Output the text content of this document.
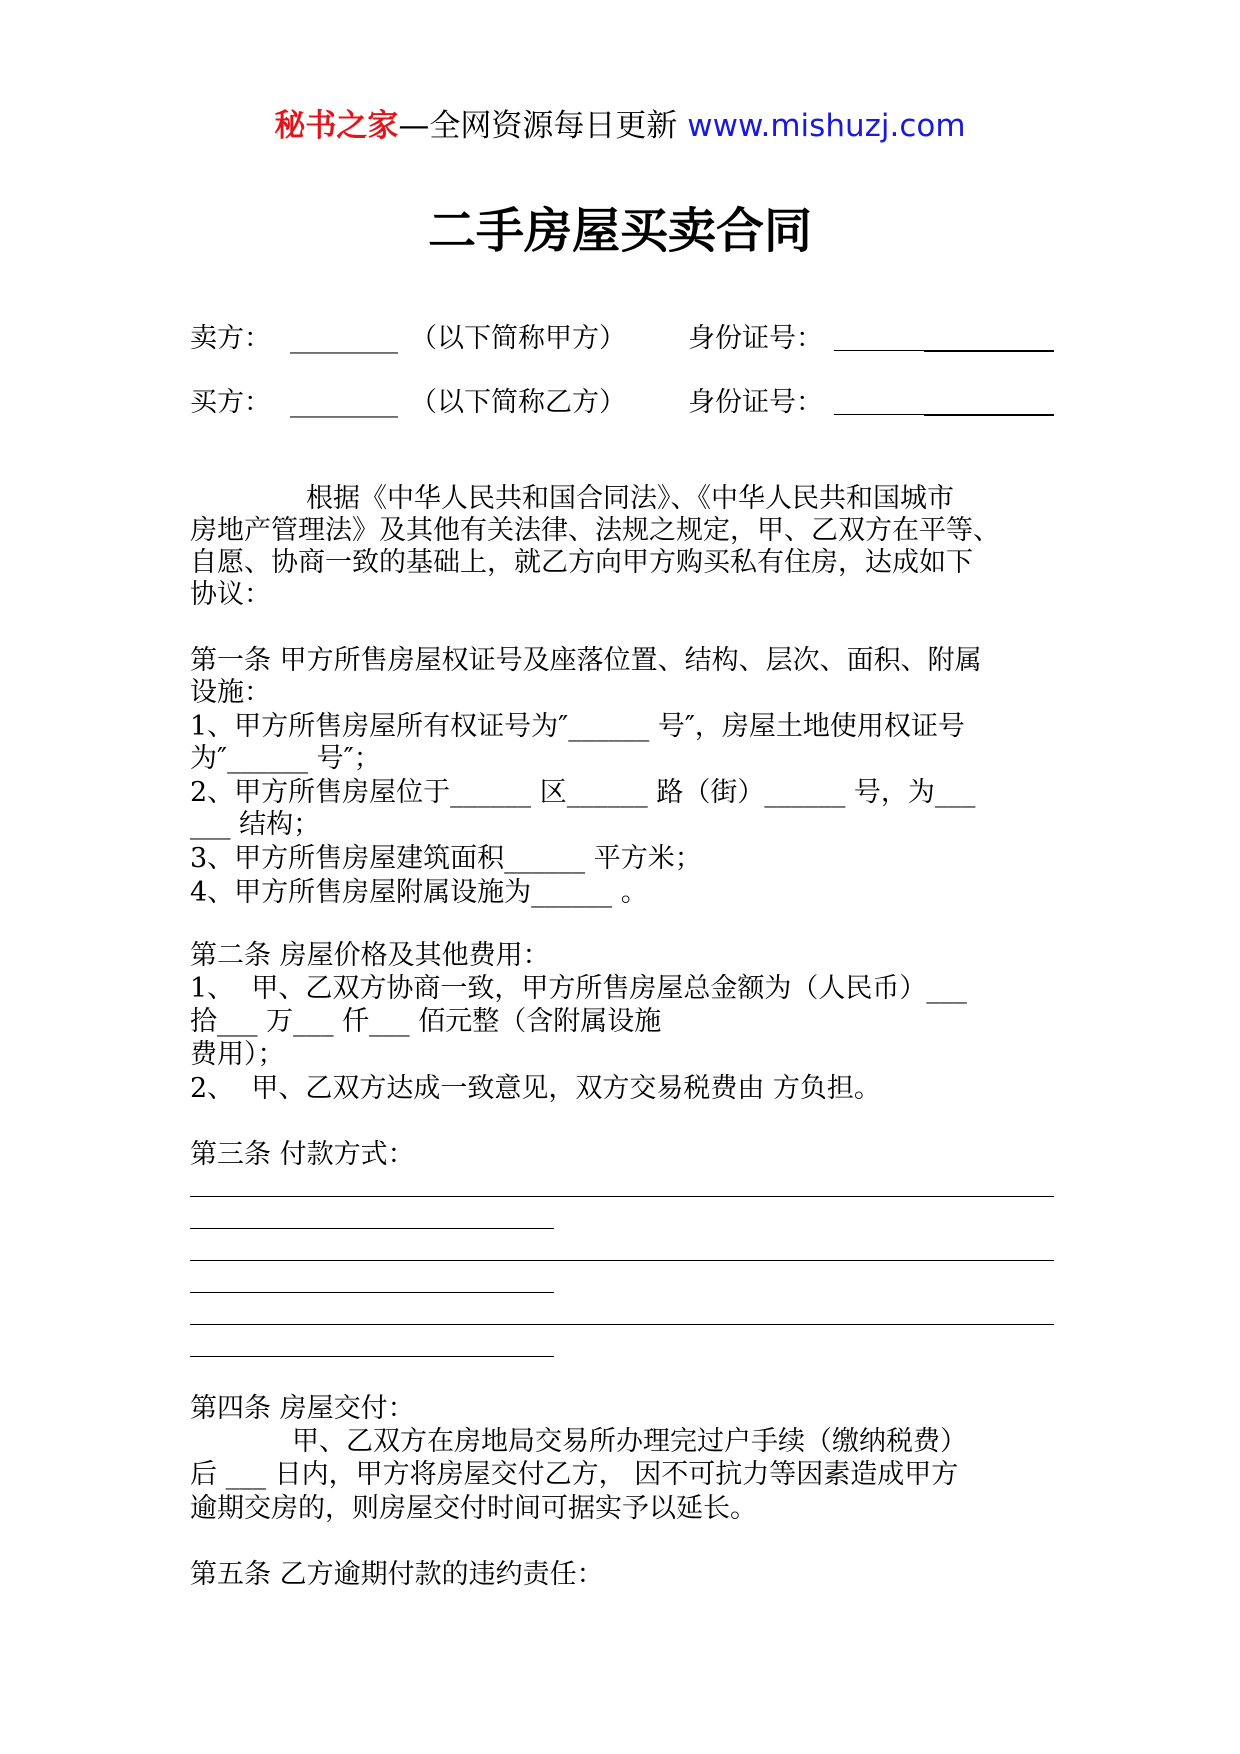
秘书之家—全网资源每日更新 www.mishuzj.com
二手房屋买卖合同
卖方： ________ （以下简称甲方） 身份证号：
买方： ________ （以下简称乙方） 身份证号：
根据《中华人民共和国合同法》、《中华人民共和国城市
房地产管理法》及其他有关法律、法规之规定，甲、乙双方在平等、
自愿、协商一致的基础上，就乙方向甲方购买私有住房，达成如下
协议：
第一条 甲方所售房屋权证号及座落位置、结构、层次、面积、附属
设施：
1、甲方所售房屋所有权证号为″______ 号″，房屋土地使用权证号
为″______ 号″；
2、甲方所售房屋位于______ 区______ 路（街）______ 号，为___
___ 结构；
3、甲方所售房屋建筑面积______ 平方米；
4、甲方所售房屋附属设施为______ 。
第二条 房屋价格及其他费用：
1、  甲、乙双方协商一致，甲方所售房屋总金额为（人民币）___
拾___ 万___ 仟___ 佰元整（含附属设施
费用）；
2、  甲、乙双方达成一致意见，双方交易税费由 方负担。
第三条 付款方式：
第四条 房屋交付：
甲、乙双方在房地局交易所办理完过户手续（缴纳税费）
后 ___ 日内，甲方将房屋交付乙方， 因不可抗力等因素造成甲方
逾期交房的，则房屋交付时间可据实予以延长。
第五条 乙方逾期付款的违约责任：
